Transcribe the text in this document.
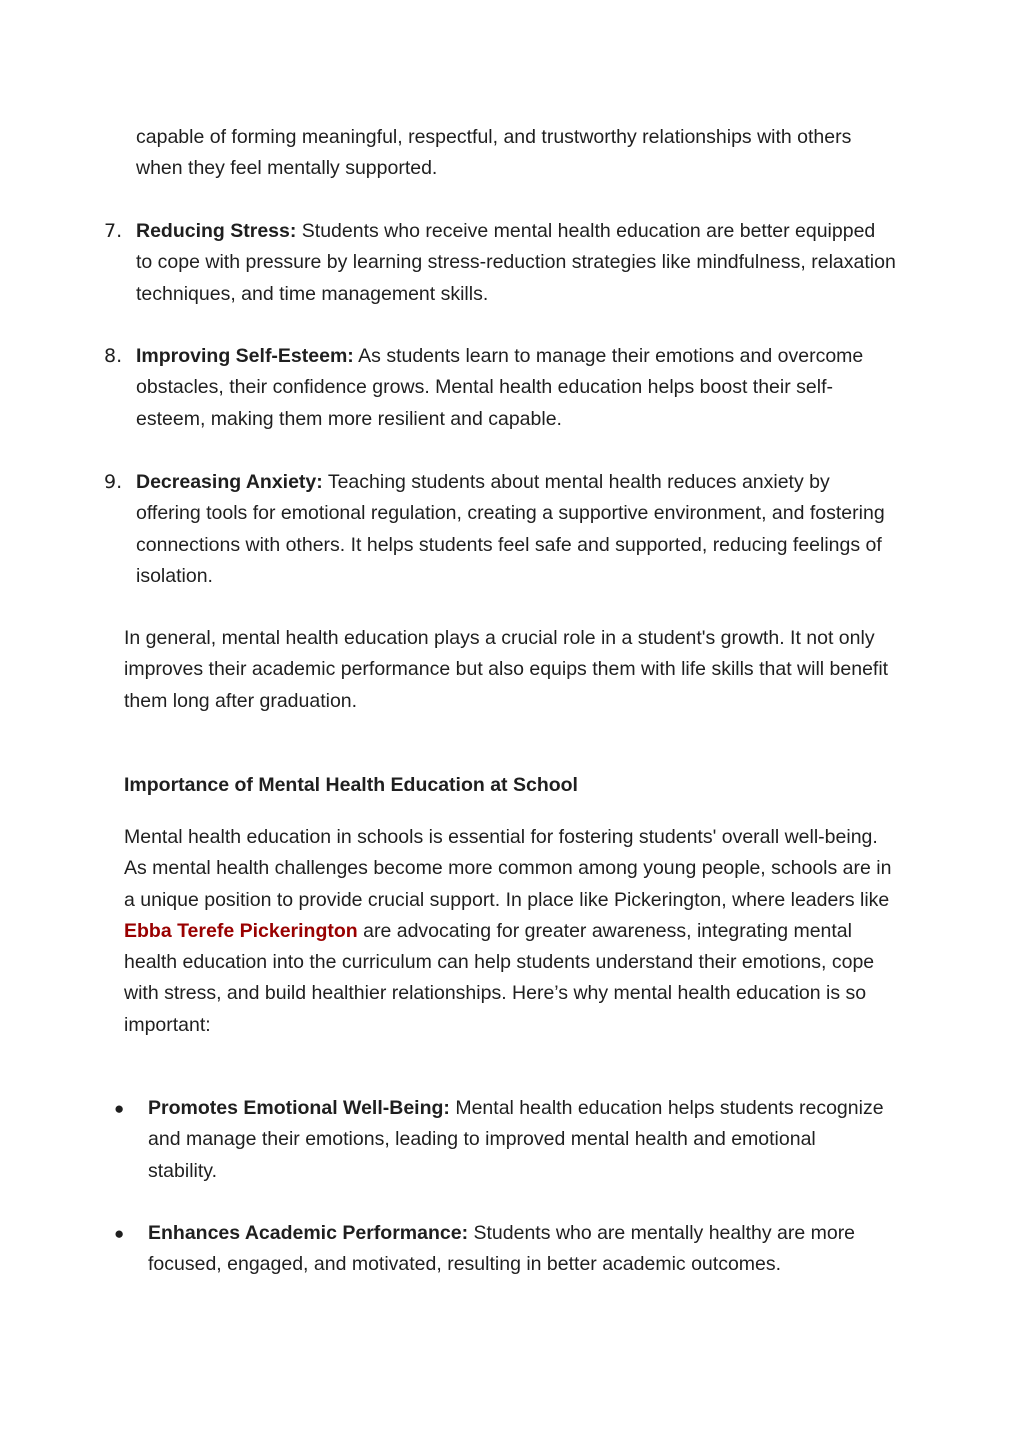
capable of forming meaningful, respectful, and trustworthy relationships with others when they feel mentally supported.

7. Reducing Stress: Students who receive mental health education are better equipped to cope with pressure by learning stress-reduction strategies like mindfulness, relaxation techniques, and time management skills.

8. Improving Self-Esteem: As students learn to manage their emotions and overcome obstacles, their confidence grows. Mental health education helps boost their self-esteem, making them more resilient and capable.

9. Decreasing Anxiety: Teaching students about mental health reduces anxiety by offering tools for emotional regulation, creating a supportive environment, and fostering connections with others. It helps students feel safe and supported, reducing feelings of isolation.

In general, mental health education plays a crucial role in a student's growth. It not only improves their academic performance but also equips them with life skills that will benefit them long after graduation.

Importance of Mental Health Education at School

Mental health education in schools is essential for fostering students' overall well-being. As mental health challenges become more common among young people, schools are in a unique position to provide crucial support. In place like Pickerington, where leaders like Ebba Terefe Pickerington are advocating for greater awareness, integrating mental health education into the curriculum can help students understand their emotions, cope with stress, and build healthier relationships. Here’s why mental health education is so important:

● Promotes Emotional Well-Being: Mental health education helps students recognize and manage their emotions, leading to improved mental health and emotional stability.

● Enhances Academic Performance: Students who are mentally healthy are more focused, engaged, and motivated, resulting in better academic outcomes.
